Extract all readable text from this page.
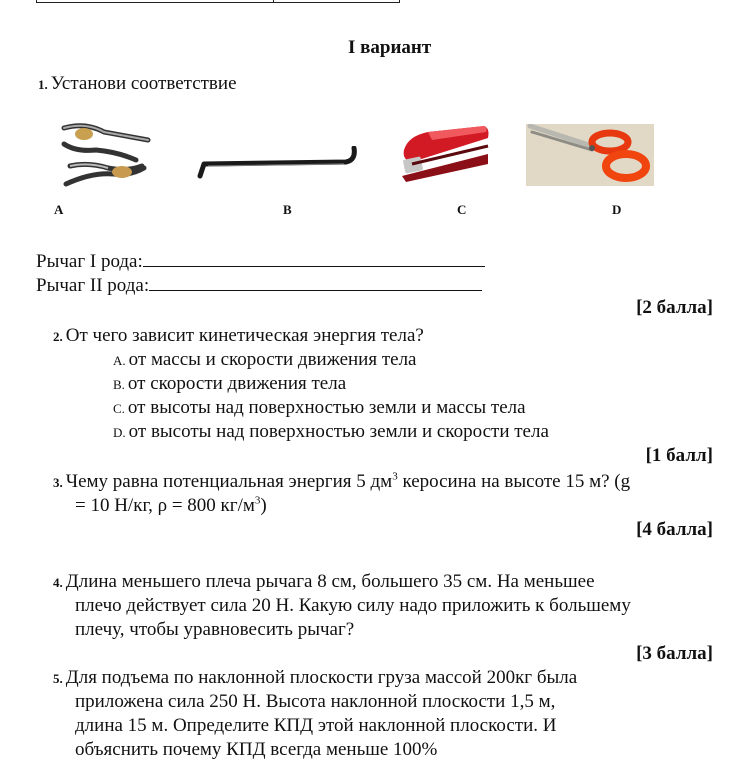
I вариант
1. Установи соответствие
A	B	C	D
Рычаг I рода:
Рычаг II рода:
[2 балла]
2. От чего зависит кинетическая энергия тела?
A. от массы и скорости движения тела
B. от скорости движения тела
C. от высоты над поверхностью земли и массы тела
D. от высоты над поверхностью земли и скорости тела
[1 балл]
3. Чему равна потенциальная энергия 5 $дм^3$ керосина на высоте 15 м? (g
= 10 Н/кг, ρ = 800 $кг/м^3$)
[4 балла]
4. Длина меньшего плеча рычага 8 см, большего 35 см. На меньшее
плечо действует сила 20 Н. Какую силу надо приложить к большему
плечу, чтобы уравновесить рычаг?
[3 балла]
5. Для подъема по наклонной плоскости груза массой 200кг была
приложена сила 250 Н. Высота наклонной плоскости 1,5 м,
длина 15 м. Определите КПД этой наклонной плоскости. И
объяснить почему КПД всегда меньше 100%
